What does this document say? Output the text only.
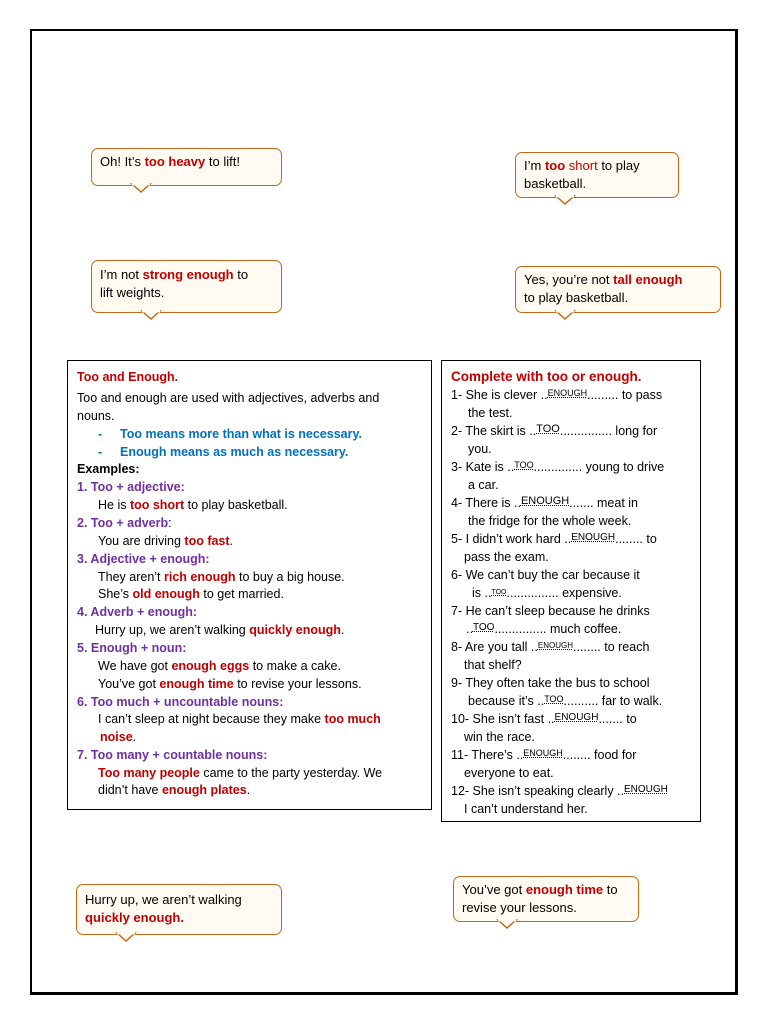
Oh! It’s too heavy to lift!	I’m too short to play
basketball.
I’m not strong enough to
lift weights.
Yes, you’re not tall enough
to play basketball.
Hurry up, we aren’t walking
quickly enough.
You’ve got enough time to
revise your lessons.
Too and Enough.
Too and enough are used with adjectives, adverbs and
nouns.
- Too means more than what is necessary.
- Enough means as much as necessary.
Examples:
1. Too + adjective:
He is too short to play basketball.
2. Too + adverb:
You are driving too fast.
3. Adjective + enough:
They aren’t rich enough to buy a big house.
She’s old enough to get married.
4. Adverb + enough:
Hurry up, we aren’t walking quickly enough.
5. Enough + noun:
We have got enough eggs to make a cake.
You’ve got enough time to revise your lessons.
6. Too much + uncountable nouns:
I can’t sleep at night because they make too much
noise.
7. Too many + countable nouns:
Too many people came to the party yesterday. We
didn’t have enough plates.
Complete with too or enough.
1- She is clever ..$^{ENOUGH}$......... to pass
the test.
2- The skirt is ..TOO............... long for
you.
3- Kate is ..$^{TOO}$.............. young to drive
a car.
4- There is ..ENOUGH....... meat in
the fridge for the whole week.
5- I didn’t work hard ..$^{ENOUGH}$........ to
pass the exam.
6- We can’t buy the car because it
is ..$^{TOO}$............... expensive.
7- He can’t sleep because he drinks
..$^{TOO}$............... much coffee.
8- Are you tall ..$^{ENOUGH}$........ to reach
that shelf?
9- They often take the bus to school
because it’s ..$^{TOO}$.......... far to walk.
10- She isn’t fast ..$^{ENOUGH}$....... to
win the race.
11- There’s ..$^{ENOUGH}$........ food for
everyone to eat.
12- She isn’t speaking clearly ..$^{ENOUGH}$
I can’t understand her.
